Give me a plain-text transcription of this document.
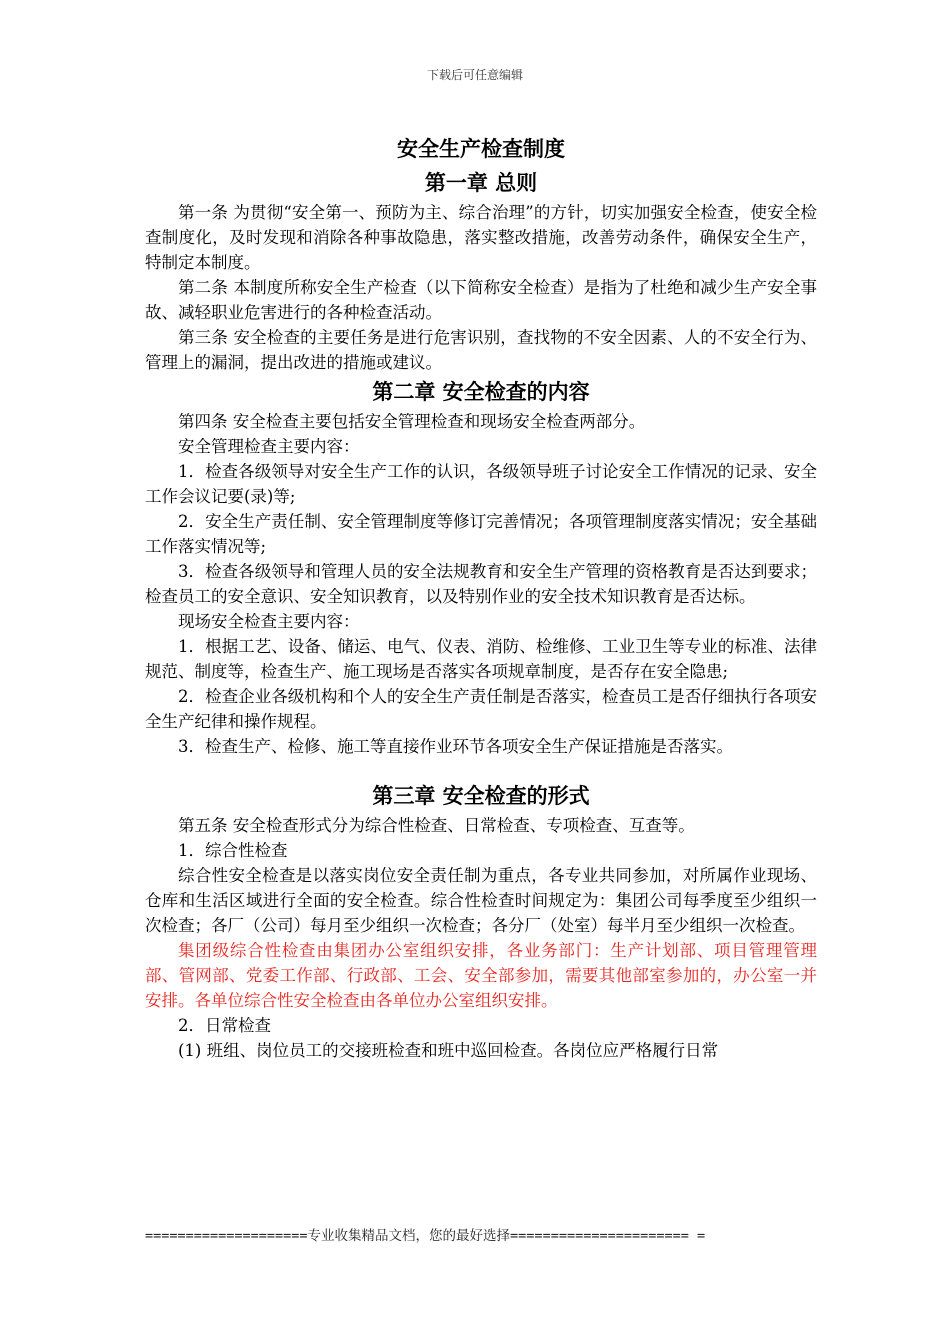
下载后可任意编辑
安全生产检查制度
第一章 总则

第一条 为贯彻“安全第一、预防为主、综合治理”的方针，切实加强安全检查，使安全检查制度化，及时发现和消除各种事故隐患，落实整改措施，改善劳动条件，确保安全生产，特制定本制度。

第二条 本制度所称安全生产检查（以下简称安全检查）是指为了杜绝和减少生产安全事故、减轻职业危害进行的各种检查活动。

第三条 安全检查的主要任务是进行危害识别，查找物的不安全因素、人的不安全行为、管理上的漏洞，提出改进的措施或建议。

第二章 安全检查的内容

第四条 安全检查主要包括安全管理检查和现场安全检查两部分。

安全管理检查主要内容：

1．检查各级领导对安全生产工作的认识，各级领导班子讨论安全工作情况的记录、安全工作会议记要(录)等;

2．安全生产责任制、安全管理制度等修订完善情况；各项管理制度落实情况；安全基础工作落实情况等;

3．检查各级领导和管理人员的安全法规教育和安全生产管理的资格教育是否达到要求；检查员工的安全意识、安全知识教育，以及特别作业的安全技术知识教育是否达标。

现场安全检查主要内容：

1．根据工艺、设备、储运、电气、仪表、消防、检维修、工业卫生等专业的标准、法律规范、制度等，检查生产、施工现场是否落实各项规章制度，是否存在安全隐患;

2．检查企业各级机构和个人的安全生产责任制是否落实，检查员工是否仔细执行各项安全生产纪律和操作规程。

3．检查生产、检修、施工等直接作业环节各项安全生产保证措施是否落实。

第三章 安全检查的形式

第五条 安全检查形式分为综合性检查、日常检查、专项检查、互查等。

1．综合性检查

综合性安全检查是以落实岗位安全责任制为重点，各专业共同参加，对所属作业现场、仓库和生活区域进行全面的安全检查。综合性检查时间规定为：集团公司每季度至少组织一次检查；各厂（公司）每月至少组织一次检查；各分厂（处室）每半月至少组织一次检查。

集团级综合性检查由集团办公室组织安排，各业务部门：生产计划部、项目管理管理部、管网部、党委工作部、行政部、工会、安全部参加，需要其他部室参加的，办公室一并安排。各单位综合性安全检查由各单位办公室组织安排。

2．日常检查

(1) 班组、岗位员工的交接班检查和班中巡回检查。各岗位应严格履行日常

====================专业收集精品文档，您的最好选择====================== =
